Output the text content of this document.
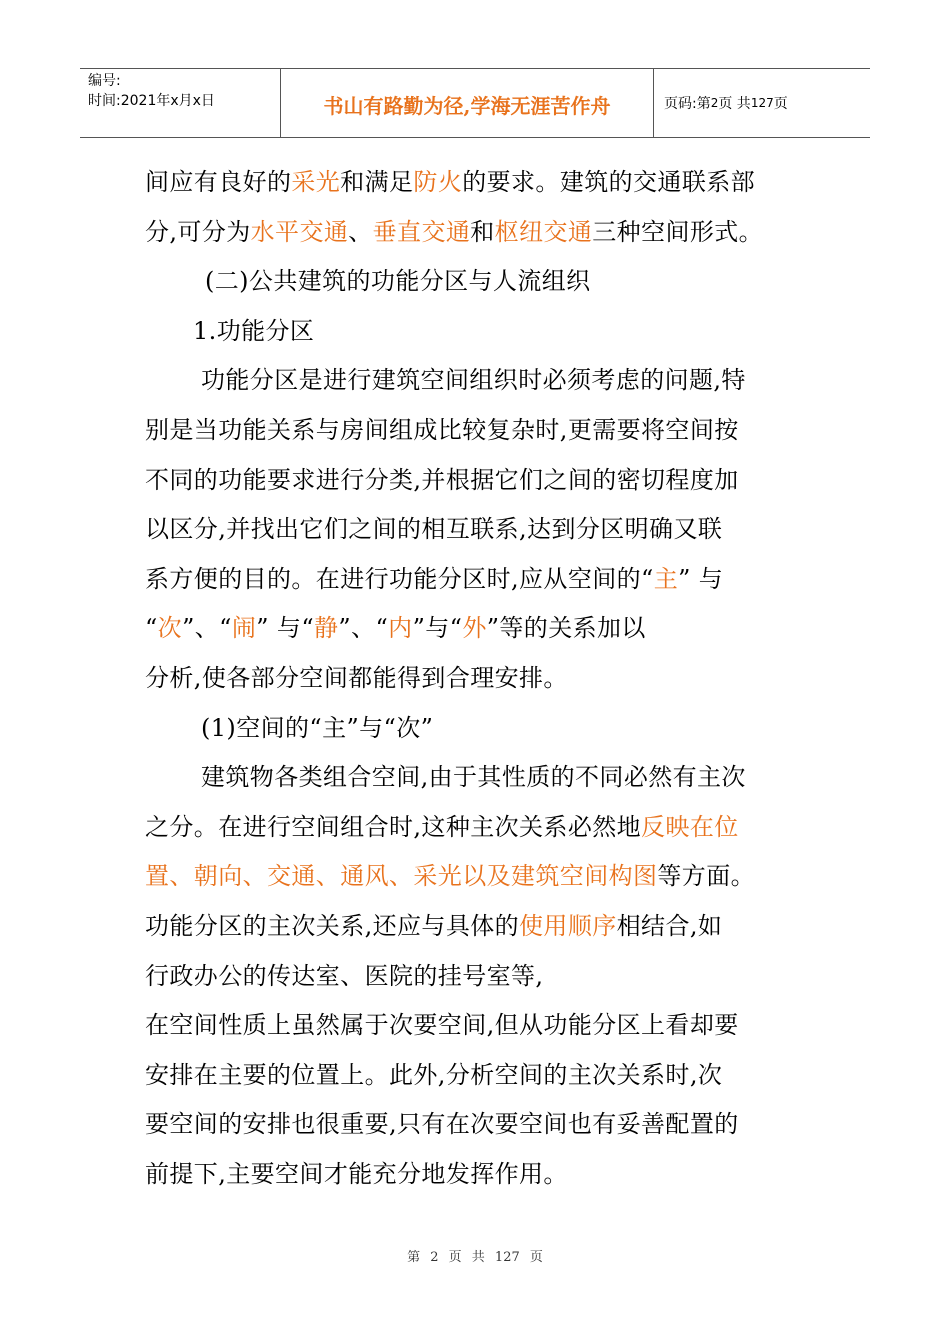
编号:
时间:2021年x月x日	书山有路勤为径,学海无涯苦作舟	页码:第 2 页 共 127 页

间应有良好的采光和满足防火的要求。建筑的交通联系部

分,可分为水平交通、垂直交通和枢纽交通三种空间形式。

(二)公共建筑的功能分区与人流组织

1.功能分区

功能分区是进行建筑空间组织时必须考虑的问题,特

别是当功能关系与房间组成比较复杂时,更需要将空间按

不同的功能要求进行分类,并根据它们之间的密切程度加

以区分,并找出它们之间的相互联系,达到分区明确又联

系方便的目的。在进行功能分区时,应从空间的“主” 与

“次”、“闹” 与“静”、“内”与“外”等的关系加以

分析,使各部分空间都能得到合理安排。

(1)空间的“主”与“次”

建筑物各类组合空间,由于其性质的不同必然有主次

之分。在进行空间组合时,这种主次关系必然地反映在位

置、朝向、交通、通风、采光以及建筑空间构图等方面。

功能分区的主次关系,还应与具体的使用顺序相结合,如

行政办公的传达室、医院的挂号室等,

在空间性质上虽然属于次要空间,但从功能分区上看却要

安排在主要的位置上。此外,分析空间的主次关系时,次

要空间的安排也很重要,只有在次要空间也有妥善配置的

前提下,主要空间才能充分地发挥作用。

第 2 页 共 127 页
